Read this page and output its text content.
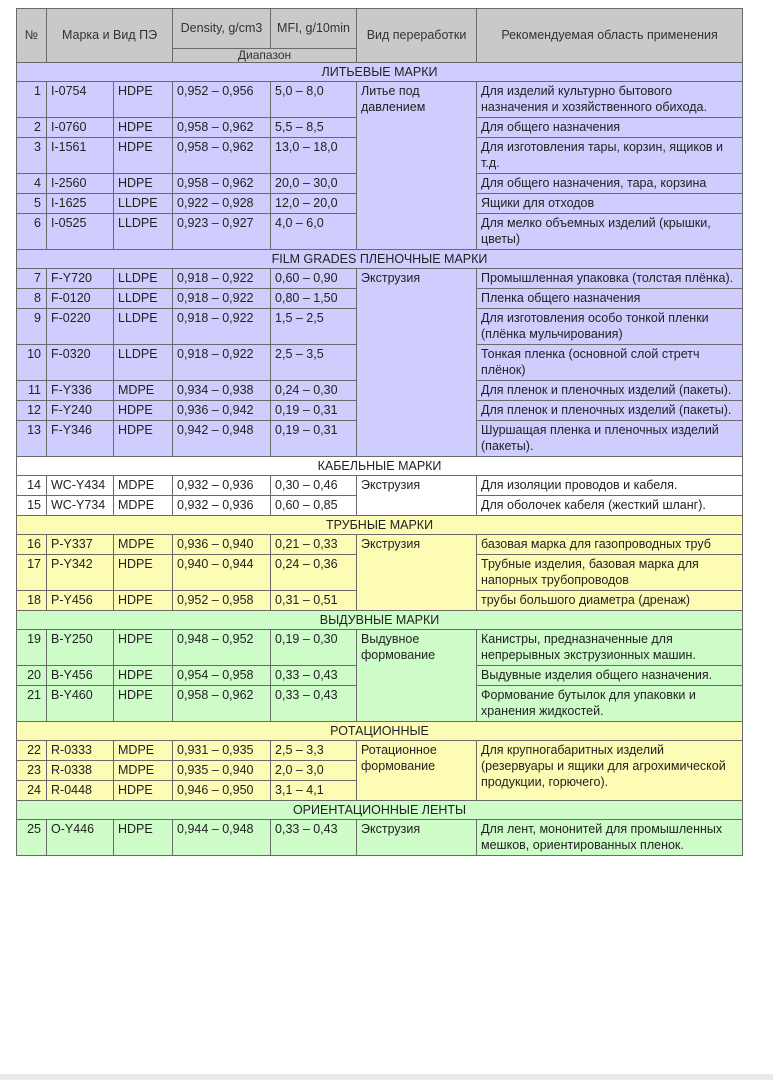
№	Марка и Вид ПЭ		Density, g/cm3	MFI, g/10min	Вид переработки	Рекомендуемая область применения
			Диапазон			
ЛИТЬЕВЫЕ МАРКИ						
1	I-0754	HDPE	0,952 – 0,956	5,0 – 8,0	Литье под давлением	Для изделий культурно бытового назначения и хозяйственного обихода.
2	I-0760	HDPE	0,958 – 0,962	5,5 – 8,5		Для общего назначения
3	I-1561	HDPE	0,958 – 0,962	13,0 – 18,0		Для изготовления тары, корзин, ящиков и т.д.
4	I-2560	HDPE	0,958 – 0,962	20,0 – 30,0		Для общего назначения, тара, корзина
5	I-1625	LLDPE	0,922 – 0,928	12,0 – 20,0		Ящики для отходов
6	I-0525	LLDPE	0,923 – 0,927	4,0 – 6,0		Для мелко объемных изделий (крышки, цветы)
FILM GRADES ПЛЕНОЧНЫЕ МАРКИ						
7	F-Y720	LLDPE	0,918 – 0,922	0,60 – 0,90	Экструзия	Промышленная упаковка (толстая плёнка).
8	F-0120	LLDPE	0,918 – 0,922	0,80 – 1,50		Пленка общего назначения
9	F-0220	LLDPE	0,918 – 0,922	1,5 – 2,5		Для изготовления особо тонкой пленки (плёнка мульчирования)
10	F-0320	LLDPE	0,918 – 0,922	2,5 – 3,5		Тонкая пленка (основной слой стретч плёнок)
11	F-Y336	MDPE	0,934 – 0,938	0,24 – 0,30		Для пленок и пленочных изделий (пакеты).
12	F-Y240	HDPE	0,936 – 0,942	0,19 – 0,31		Для пленок и пленочных изделий (пакеты).
13	F-Y346	HDPE	0,942 – 0,948	0,19 – 0,31		Шуршащая пленка и пленочных изделий (пакеты).
КАБЕЛЬНЫЕ МАРКИ						
14	WC-Y434	MDPE	0,932 – 0,936	0,30 – 0,46	Экструзия	Для изоляции проводов и кабеля.
15	WC-Y734	MDPE	0,932 – 0,936	0,60 – 0,85		Для оболочек кабеля (жесткий шланг).
ТРУБНЫЕ МАРКИ						
16	P-Y337	MDPE	0,936 – 0,940	0,21 – 0,33	Экструзия	базовая марка для газопроводных труб
17	P-Y342	HDPE	0,940 – 0,944	0,24 – 0,36		Трубные изделия, базовая марка для напорных трубопроводов
18	P-Y456	HDPE	0,952 – 0,958	0,31 – 0,51		трубы большого диаметра (дренаж)
ВЫДУВНЫЕ МАРКИ						
19	B-Y250	HDPE	0,948 – 0,952	0,19 – 0,30	Выдувное формование	Канистры, предназначенные для непрерывных экструзионных машин.
20	B-Y456	HDPE	0,954 – 0,958	0,33 – 0,43		Выдувные изделия общего назначения.
21	B-Y460	HDPE	0,958 – 0,962	0,33 – 0,43		Формование бутылок для упаковки и хранения жидкостей.
РОТАЦИОННЫЕ						
22	R-0333	MDPE	0,931 – 0,935	2,5 – 3,3	Ротационное формование	Для крупногабаритных изделий (резервуары и ящики для агрохимической продукции, горючего).
23	R-0338	MDPE	0,935 – 0,940	2,0 – 3,0		
24	R-0448	HDPE	0,946 – 0,950	3,1 – 4,1		
ОРИЕНТАЦИОННЫЕ ЛЕНТЫ						
25	O-Y446	HDPE	0,944 – 0,948	0,33 – 0,43	Экструзия	Для лент, мононитей для промышленных мешков, ориентированных пленок.
